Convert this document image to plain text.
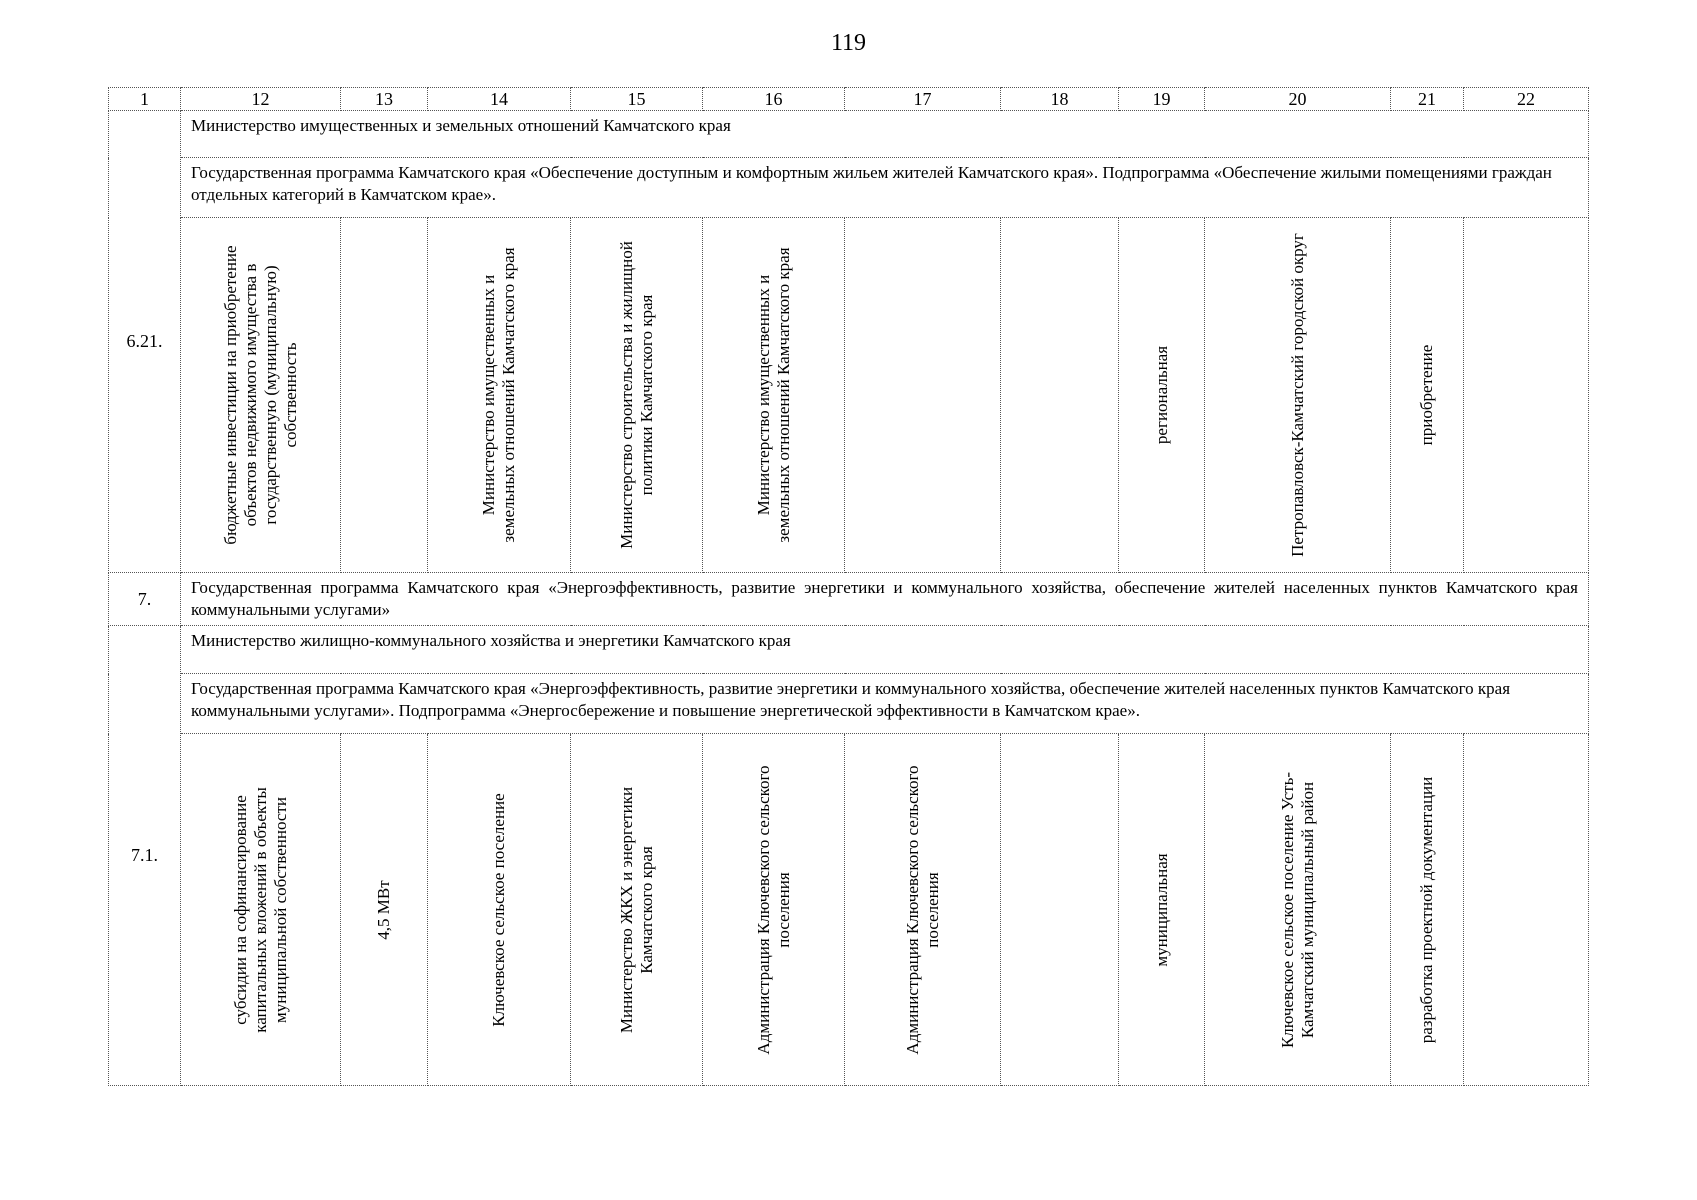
119
1	12	13	14	15	16	17	18	19	20	21	22
6.21.	Министерство имущественных и земельных отношений Камчатского края										
	Государственная программа Камчатского края «Обеспечение доступным и комфортным жильем жителей Камчатского края». Подпрограмма «Обеспечение жилыми помещениями граждан отдельных категорий в Камчатском крае».										

	бюджетные инвестиции на приобретение объектов недвижимого имущества в государственную (муниципальную) собственность		Министерство имущественных и земельных отношений Камчатского края	Министерство строительства и жилищной политики Камчатского края	Министерство имущественных и земельных отношений Камчатского края			региональная	Петропавловск-Камчатский городской округ	приобретение	

7.	Государственная программа Камчатского края «Энергоэффективность, развитие энергетики и коммунального хозяйства, обеспечение жителей населенных пунктов Камчатского края коммунальными услугами»										
7.1.	Министерство жилищно-коммунального хозяйства и энергетики Камчатского края										
	Государственная программа Камчатского края «Энергоэффективность, развитие энергетики и коммунального хозяйства, обеспечение жителей населенных пунктов Камчатского края коммунальными услугами». Подпрограмма «Энергосбережение и повышение энергетической эффективности в Камчатском крае».										

	субсидии на софинансирование капитальных вложений в объекты муниципальной собственности	4,5 МВт	Ключевское сельское поселение	Министерство ЖКХ и энергетики Камчатского края	Администрация Ключевского сельского поселения	Администрация Ключевского сельского поселения		муниципальная	Ключевское сельское поселение Усть-Камчатский муниципальный район	разработка проектной документации	
